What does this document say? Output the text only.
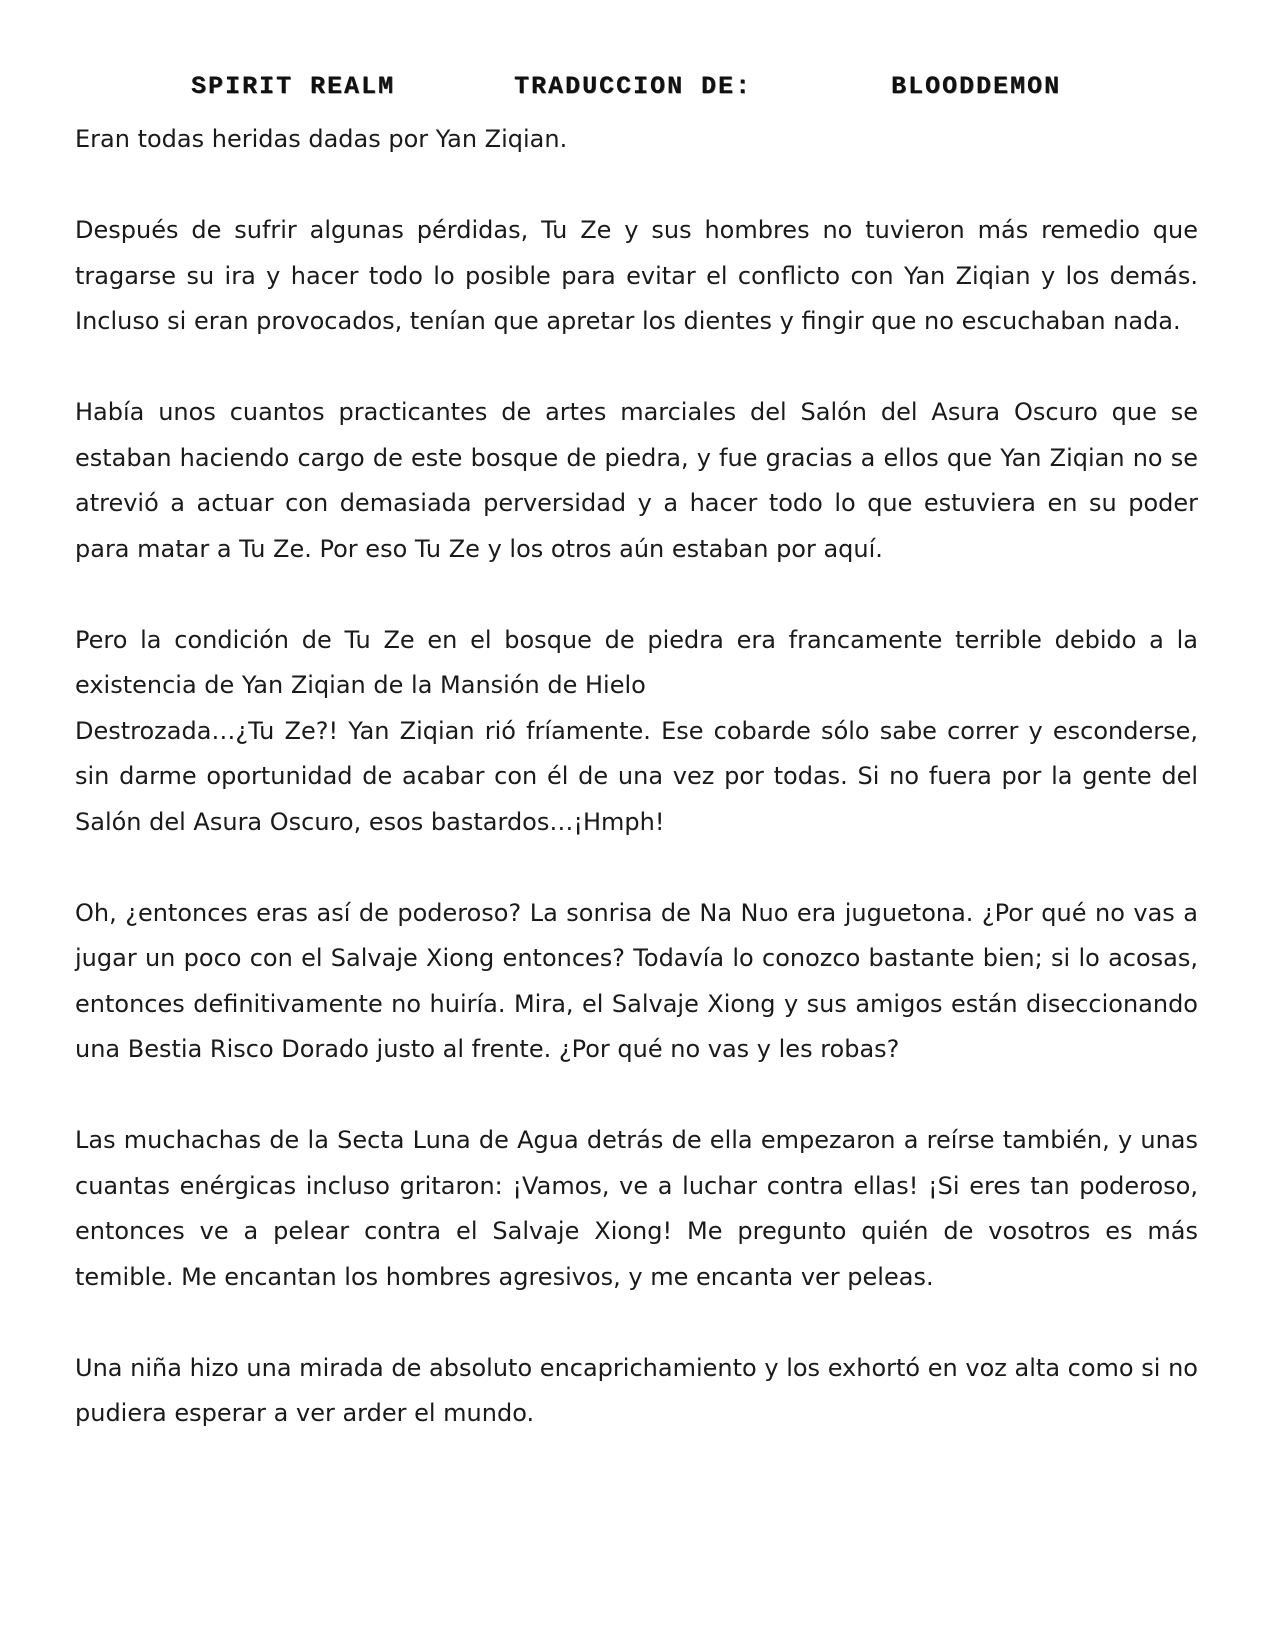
SPIRIT REALM	TRADUCCION DE:	BLOODDEMON

Eran todas heridas dadas por Yan Ziqian.

Después de sufrir algunas pérdidas, Tu Ze y sus hombres no tuvieron más remedio que tragarse su ira y hacer todo lo posible para evitar el conflicto con Yan Ziqian y los demás. Incluso si eran provocados, tenían que apretar los dientes y fingir que no escuchaban nada.

Había unos cuantos practicantes de artes marciales del Salón del Asura Oscuro que se estaban haciendo cargo de este bosque de piedra, y fue gracias a ellos que Yan Ziqian no se atrevió a actuar con demasiada perversidad y a hacer todo lo que estuviera en su poder para matar a Tu Ze. Por eso Tu Ze y los otros aún estaban por aquí.

Pero la condición de Tu Ze en el bosque de piedra era francamente terrible debido a la existencia de Yan Ziqian de la Mansión de Hielo

Destrozada…¿Tu Ze?! Yan Ziqian rió fríamente. Ese cobarde sólo sabe correr y esconderse, sin darme oportunidad de acabar con él de una vez por todas. Si no fuera por la gente del Salón del Asura Oscuro, esos bastardos…¡Hmph!

Oh, ¿entonces eras así de poderoso? La sonrisa de Na Nuo era juguetona. ¿Por qué no vas a jugar un poco con el Salvaje Xiong entonces? Todavía lo conozco bastante bien; si lo acosas, entonces definitivamente no huiría. Mira, el Salvaje Xiong y sus amigos están diseccionando una Bestia Risco Dorado justo al frente. ¿Por qué no vas y les robas?

Las muchachas de la Secta Luna de Agua detrás de ella empezaron a reírse también, y unas cuantas enérgicas incluso gritaron: ¡Vamos, ve a luchar contra ellas! ¡Si eres tan poderoso, entonces ve a pelear contra el Salvaje Xiong! Me pregunto quién de vosotros es más temible. Me encantan los hombres agresivos, y me encanta ver peleas.

Una niña hizo una mirada de absoluto encaprichamiento y los exhortó en voz alta como si no pudiera esperar a ver arder el mundo.
